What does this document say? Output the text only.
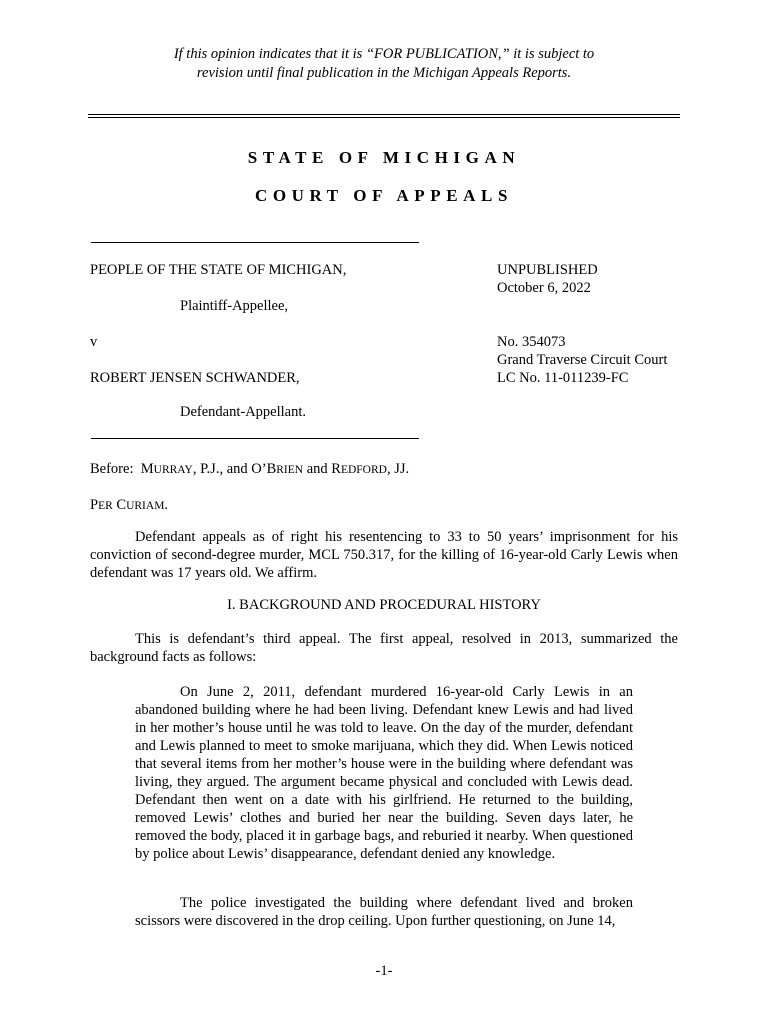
If this opinion indicates that it is “FOR PUBLICATION,” it is subject to
revision until final publication in the Michigan Appeals Reports.
STATE OF MICHIGAN
COURT OF APPEALS
PEOPLE OF THE STATE OF MICHIGAN,
Plaintiff-Appellee,
v
ROBERT JENSEN SCHWANDER,
Defendant-Appellant.
UNPUBLISHED
October 6, 2022
No. 354073
Grand Traverse Circuit Court
LC No. 11-011239-FC
Before:  MURRAY, P.J., and O’BRIEN and REDFORD, JJ.
PER CURIAM.
Defendant appeals as of right his resentencing to 33 to 50 years’ imprisonment for his conviction of second-degree murder, MCL 750.317, for the killing of 16-year-old Carly Lewis when defendant was 17 years old. We affirm.
I. BACKGROUND AND PROCEDURAL HISTORY
This is defendant’s third appeal. The first appeal, resolved in 2013, summarized the background facts as follows:
On June 2, 2011, defendant murdered 16-year-old Carly Lewis in an abandoned building where he had been living. Defendant knew Lewis and had lived in her mother’s house until he was told to leave. On the day of the murder, defendant and Lewis planned to meet to smoke marijuana, which they did. When Lewis noticed that several items from her mother’s house were in the building where defendant was living, they argued. The argument became physical and concluded with Lewis dead. Defendant then went on a date with his girlfriend. He returned to the building, removed Lewis’ clothes and buried her near the building. Seven days later, he removed the body, placed it in garbage bags, and reburied it nearby. When questioned by police about Lewis’ disappearance, defendant denied any knowledge.
The police investigated the building where defendant lived and broken scissors were discovered in the drop ceiling. Upon further questioning, on June 14,
-1-
